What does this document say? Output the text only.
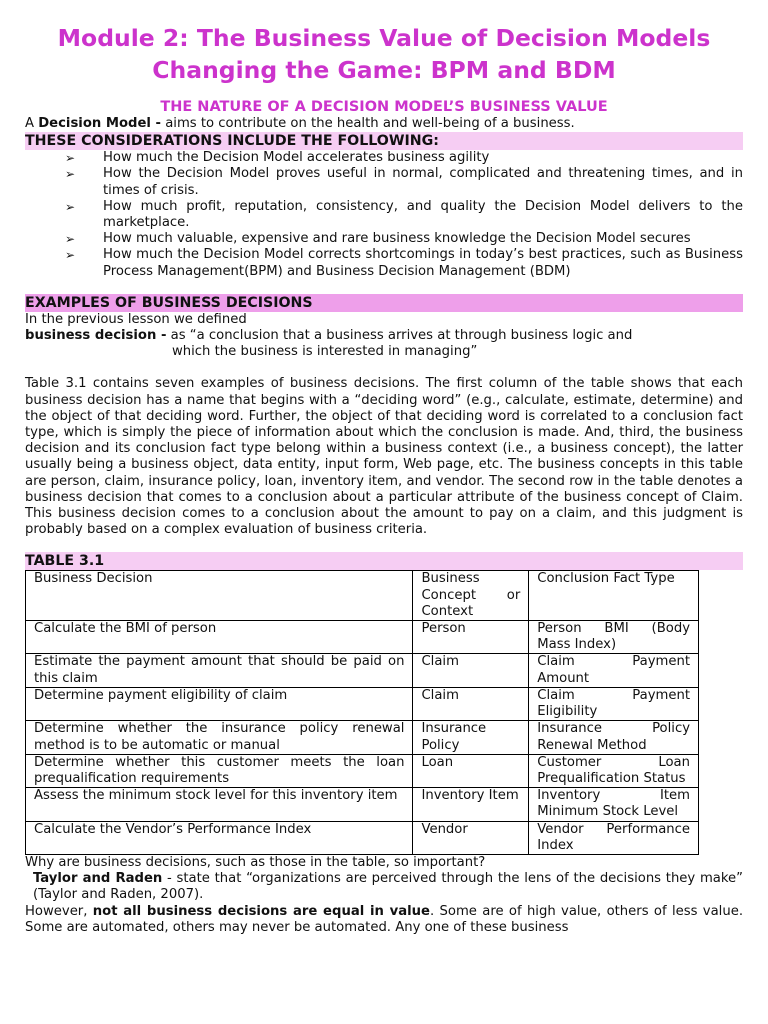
Module 2: The Business Value of Decision Models
Changing the Game: BPM and BDM
THE NATURE OF A DECISION MODEL’S BUSINESS VALUE

A Decision Model - aims to contribute on the health and well-being of a business.

THESE CONSIDERATIONS INCLUDE THE FOLLOWING:
➢ How much the Decision Model accelerates business agility
➢ How the Decision Model proves useful in normal, complicated and threatening times, and in times of crisis.
➢ How much profit, reputation, consistency, and quality the Decision Model delivers to the marketplace.
➢ How much valuable, expensive and rare business knowledge the Decision Model secures
➢ How much the Decision Model corrects shortcomings in today’s best practices, such as Business Process Management(BPM) and Business Decision Management (BDM)
EXAMPLES OF BUSINESS DECISIONS

In the previous lesson we defined

business decision - as “a conclusion that a business arrives at through business logic and
which the business is interested in managing”

Table 3.1 contains seven examples of business decisions. The first column of the table shows that each business decision has a name that begins with a “deciding word” (e.g., calculate, estimate, determine) and the object of that deciding word. Further, the object of that deciding word is correlated to a conclusion fact type, which is simply the piece of information about which the conclusion is made. And, third, the business decision and its conclusion fact type belong within a business context (i.e., a business concept), the latter usually being a business object, data entity, input form, Web page, etc. The business concepts in this table are person, claim, insurance policy, loan, inventory item, and vendor. The second row in the table denotes a business decision that comes to a conclusion about a particular attribute of the business concept of Claim. This business decision comes to a conclusion about the amount to pay on a claim, and this judgment is probably based on a complex evaluation of business criteria.

TABLE 3.1
Business Decision	Business Concept or Context	Conclusion Fact Type
Calculate the BMI of person	Person	Person BMI (Body Mass Index)
Estimate the payment amount that should be paid on this claim	Claim	Claim Payment Amount
Determine payment eligibility of claim	Claim	Claim Payment Eligibility
Determine whether the insurance policy renewal method is to be automatic or manual	Insurance Policy	Insurance Policy Renewal Method
Determine whether this customer meets the loan prequalification requirements	Loan	Customer Loan Prequalification Status
Assess the minimum stock level for this inventory item	Inventory Item	Inventory Item Minimum Stock Level
Calculate the Vendor’s Performance Index	Vendor	Vendor Performance Index

Why are business decisions, such as those in the table, so important?

Taylor and Raden - state that “organizations are perceived through the lens of the decisions they make” (Taylor and Raden, 2007).

However, not all business decisions are equal in value. Some are of high value, others of less value. Some are automated, others may never be automated. Any one of these business
